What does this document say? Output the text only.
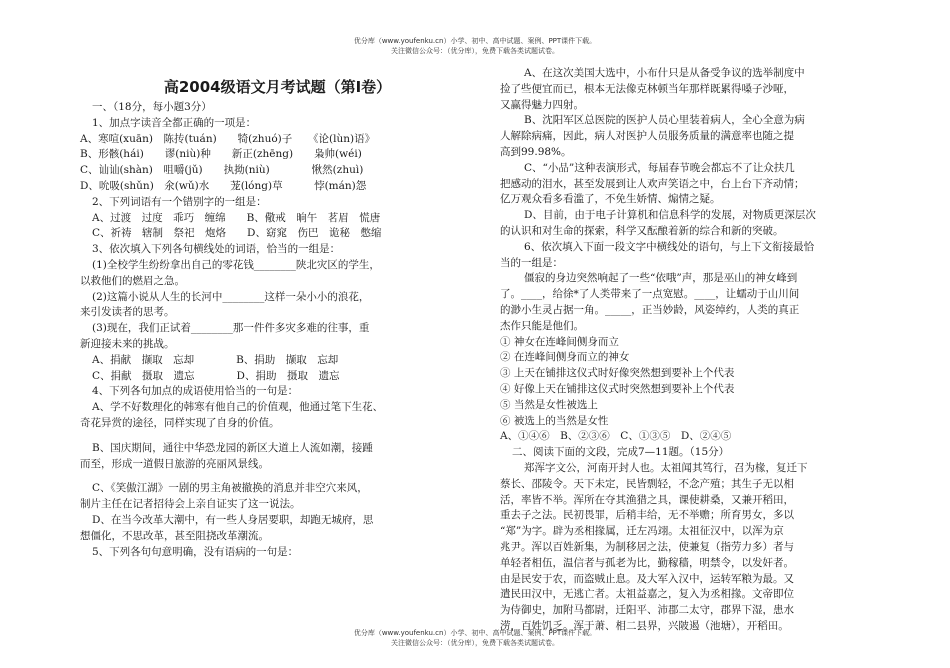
优分库（www.youfenku.cn）小学、初中、高中试题、案例、PPT课件下载。
关注微信公众号：（优分库），免费下载各类试题试卷。
高2004级语文月考试题（第Ⅰ卷）

一、（18分，每小题3分）

1、加点字读音全都正确的一项是：

A、寒喧(xuān)　陈抟(tuán)　　犄(zhuó)子　　《论(lùn)语》

B、形骸(hái)　　谬(niù)种　　新正(zhēng)　　枭帅(wéi)

C、讪讪(shàn)　咀嚼(jǔ)　　执拗(niù)　　　　愀然(zhuì)

D、吮吸(shǔn)　氽(wǔ)水　　茏(lóng)草　　　悖(mán)怨

2、下列词语有一个错别字的一组是：

A、过渡　过度　乖巧　缠绵　　B、儆戒　晌午　茗眉　慌唐

C、祈祷　辖制　祭祀　炮烙　　D、窈窕　伤巴　诡秘　憋缩

3、依次填入下列各句横线处的词语，恰当的一组是：

(1)全校学生纷纷拿出自己的零花钱________陕北灾区的学生，

以救他们的燃眉之急。

(2)这篇小说从人生的长河中________这样一朵小小的浪花，

来引发读者的思考。

(3)现在，我们正试着________那一件件多灾多难的往事，重

新迎接未来的挑战。

A、捐献　撷取　忘却　　　　B、捐助　撷取　忘却

C、捐献　摄取　遗忘　　　　D、捐助　摄取　遗忘

4、下列各句加点的成语使用恰当的一句是：

A、学不好数理化的韩寒有他自己的价值观，他通过笔下生花、

奇花异赏的途径，同样实现了自身的价值。

B、国庆期间，通往中华恐龙园的新区大道上人流如潮，接踵

而至，形成一道假日旅游的亮丽风景线。

C、《笑傲江湖》一剧的男主角被撤换的消息并非空穴来风，

制片主任在记者招待会上亲自证实了这一说法。

D、在当今改革大潮中，有一些人身居要职，却跑无城府，思

想僵化，不思改革，甚至阻挠改革潮流。

5、下列各句句意明确，没有语病的一句是：

A、在这次美国大选中，小布什只是从备受争议的选举制度中

捡了些便宜而已，根本无法像克林顿当年那样既累得嗓子沙哑，

又赢得魅力四射。

B、沈阳军区总医院的医护人员心里装着病人，全心全意为病

人解除病痛，因此，病人对医护人员服务质量的满意率也随之提

高到99.98%。

C、“小品”这种表演形式，每届春节晚会都忘不了让众扶几

把感动的泪水，甚至发展到让人欢声笑语之中，台上台下齐动情；

亿万观众看多看滥了，不免生娇情、煽情之疑。

D、目前，由于电子计算机和信息科学的发展，对物质更深层次

的认识和对生命的探索，科学又酝酿着新的综合和新的突破。

6、依次填入下面一段文字中横线处的语句，与上下文衔接最恰

当的一组是：

僵寂的身边突然响起了一些“依哦”声，那是巫山的神女峰到

了。____，给徐*了人类带来了一点宽慰。____，让蠕动于山川间

的渺小生灵占据一角。_____，正当妙龄，风姿绰约，人类的真正

杰作只能是他们。

① 神女在连峰间侧身而立

② 在连峰间侧身而立的神女

③ 上天在铺排这仪式时好像突然想到要补上个代表

④ 好像上天在铺排这仪式时突然想到要补上个代表

⑤ 当然是女性被选上

⑥ 被选上的当然是女性

A、①④⑥　B、②③⑥　C、①③⑤　D、②④⑤

二、阅读下面的文段，完成7—11题。（15分）

郑浑字文公，河南开封人也。太祖闻其笃行，召为椽，复迁下

蔡长、邵陵令。天下未定，民皆剽轻，不念产殖；其生子无以相

活，率皆不举。浑所在夺其渔猎之具，课使耕桑，又兼开稻田，

重去子之法。民初畏罪，后稍丰给，无不举赡；所育男女，多以

“郑”为字。辟为丞相掾属，迁左冯翊。太祖征汉中，以浑为京

兆尹。浑以百姓新集，为制移居之法，使兼复（指劳力多）者与

单轻者相伍，温信者与孤老为比，勤稼穑，明禁令，以发奸者。

由是民安于农，而盗贼止息。及大军入汉中，运转军粮为最。又

遣民田汉中，无逃亡者。太祖益嘉之，复入为丞相掾。文帝即位

为侍御史，加附马都尉，迁阳平、沛郡二太守，郡界下湿，患水

涝，百姓饥乏。浑于萧、相二县界，兴陂遏（池塘），开稻田。

优分库（www.youfenku.cn）小学、初中、高中试题、案例、PPT课件下载。
关注微信公众号：（优分库），免费下载各类试题试卷。
